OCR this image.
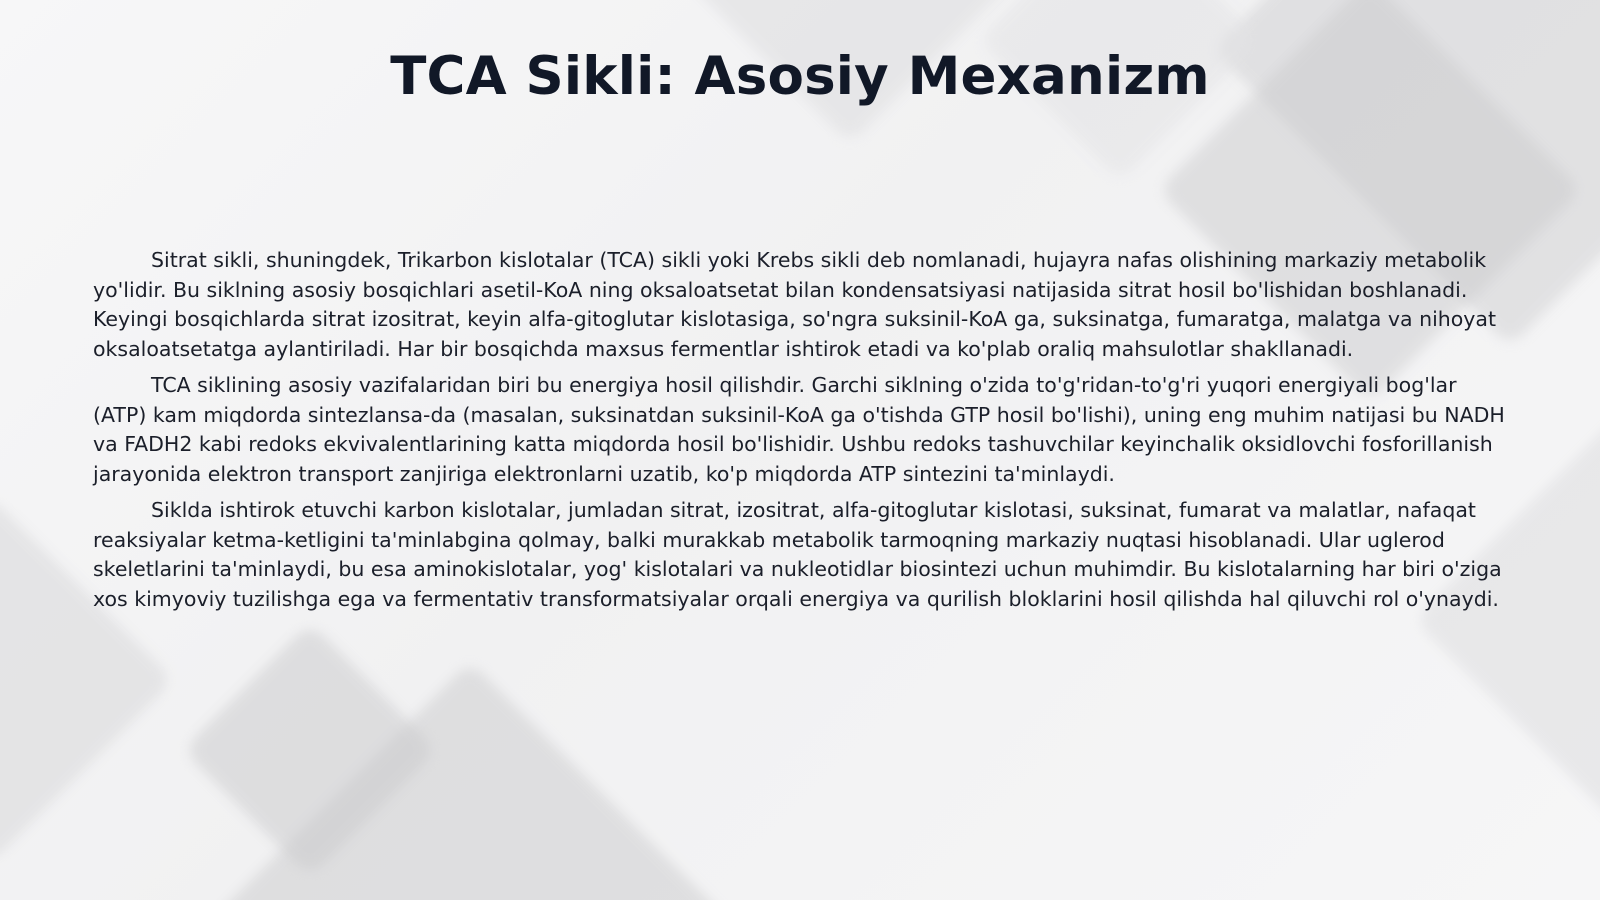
TCA Sikli: Asosiy Mexanizm

Sitrat sikli, shuningdek, Trikarbon kislotalar (TCA) sikli yoki Krebs sikli deb nomlanadi, hujayra nafas olishining markaziy metabolik yo'lidir. Bu siklning asosiy bosqichlari asetil-KoA ning oksaloatsetat bilan kondensatsiyasi natijasida sitrat hosil bo'lishidan boshlanadi. Keyingi bosqichlarda sitrat izositrat, keyin alfa-gitoglutar kislotasiga, so'ngra suksinil-KoA ga, suksinatga, fumaratga, malatga va nihoyat oksaloatsetatga aylantiriladi. Har bir bosqichda maxsus fermentlar ishtirok etadi va ko'plab oraliq mahsulotlar shakllanadi.

TCA siklining asosiy vazifalaridan biri bu energiya hosil qilishdir. Garchi siklning o'zida to'g'ridan-to'g'ri yuqori energiyali bog'lar (ATP) kam miqdorda sintezlansa-da (masalan, suksinatdan suksinil-KoA ga o'tishda GTP hosil bo'lishi), uning eng muhim natijasi bu NADH va FADH2 kabi redoks ekvivalentlarining katta miqdorda hosil bo'lishidir. Ushbu redoks tashuvchilar keyinchalik oksidlovchi fosforillanish jarayonida elektron transport zanjiriga elektronlarni uzatib, ko'p miqdorda ATP sintezini ta'minlaydi.

Siklda ishtirok etuvchi karbon kislotalar, jumladan sitrat, izositrat, alfa-gitoglutar kislotasi, suksinat, fumarat va malatlar, nafaqat reaksiyalar ketma-ketligini ta'minlabgina qolmay, balki murakkab metabolik tarmoqning markaziy nuqtasi hisoblanadi. Ular uglerod skeletlarini ta'minlaydi, bu esa aminokislotalar, yog' kislotalari va nukleotidlar biosintezi uchun muhimdir. Bu kislotalarning har biri o'ziga xos kimyoviy tuzilishga ega va fermentativ transformatsiyalar orqali energiya va qurilish bloklarini hosil qilishda hal qiluvchi rol o'ynaydi.
